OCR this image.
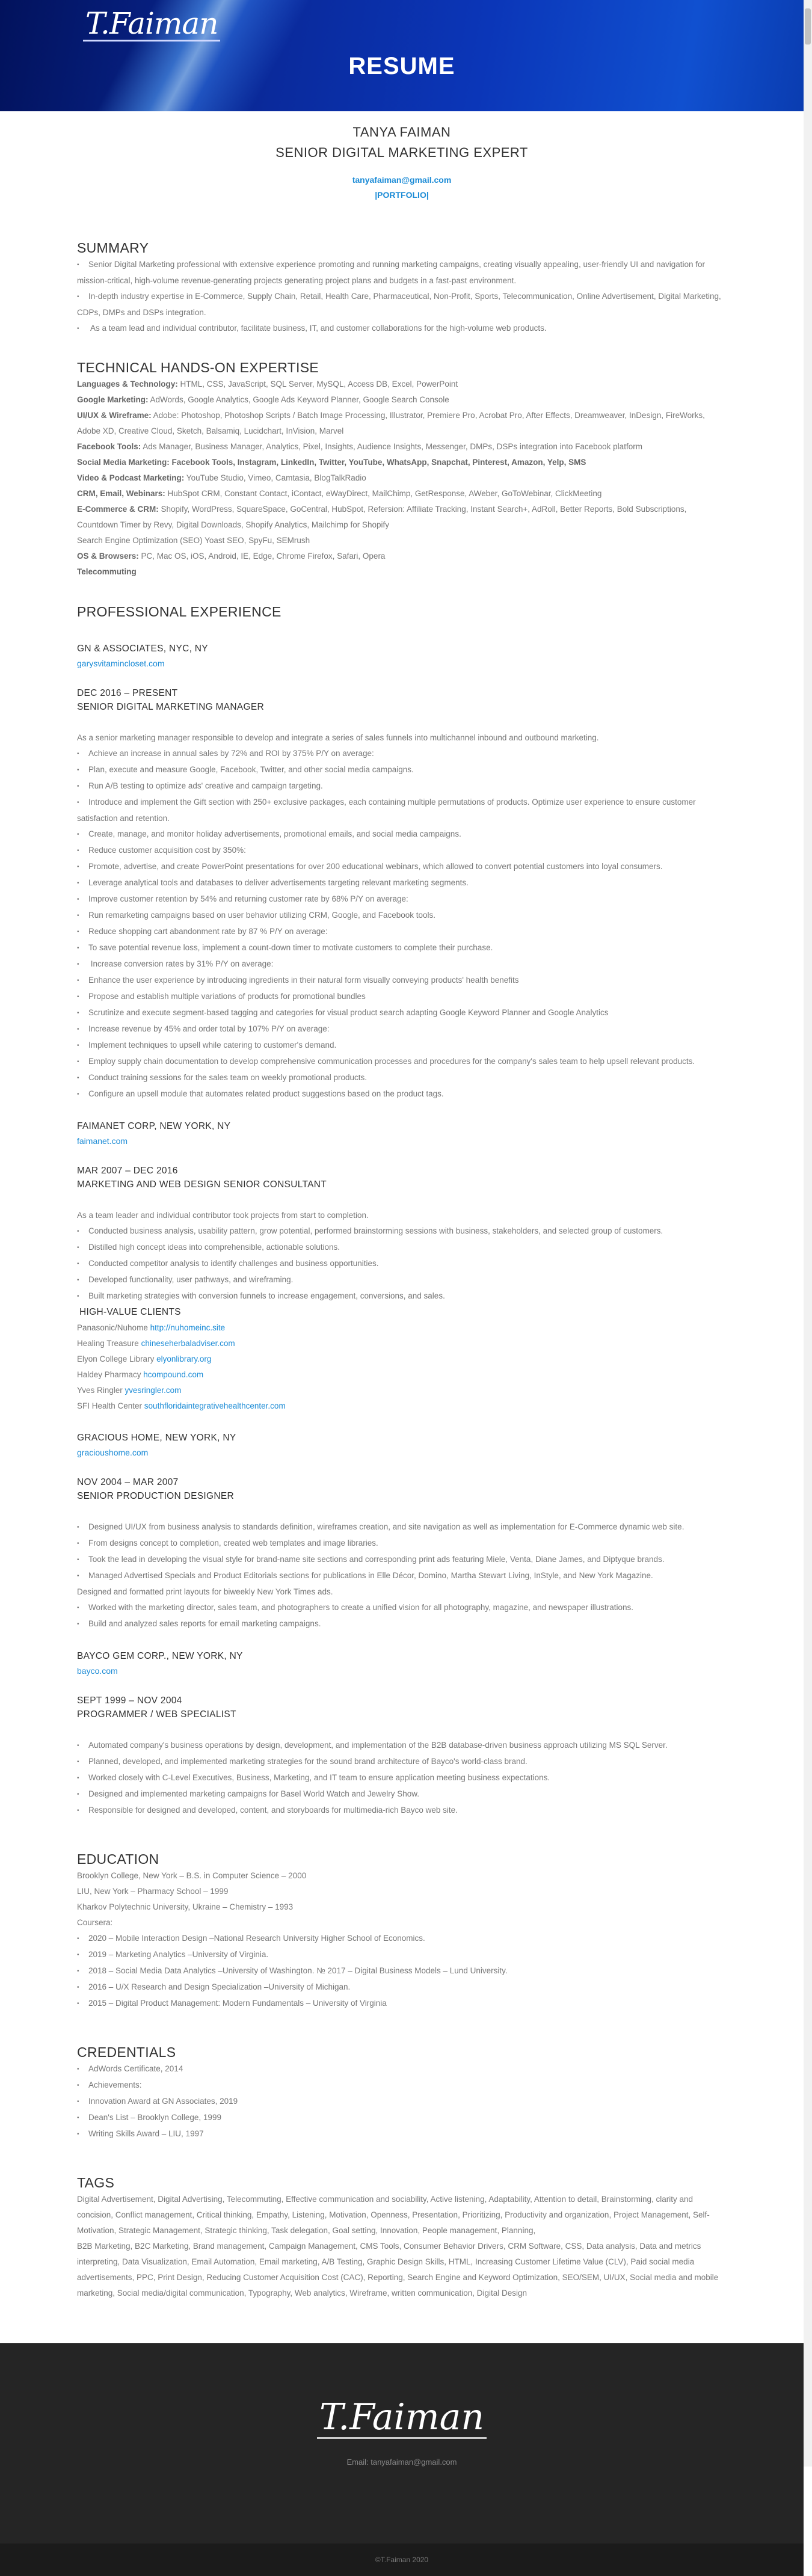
T.Faiman
RESUME
TANYA FAIMAN
SENIOR DIGITAL MARKETING EXPERT
tanyafaiman@gmail.com
|PORTFOLIO|
SUMMARY

• Senior Digital Marketing professional with extensive experience promoting and running marketing campaigns, creating visually appealing, user-friendly UI and navigation for mission-critical, high-volume revenue-generating projects generating project plans and budgets in a fast-past environment.

• In-depth industry expertise in E-Commerce, Supply Chain, Retail, Health Care, Pharmaceutical, Non-Profit, Sports, Telecommunication, Online Advertisement, Digital Marketing, CDPs, DMPs and DSPs integration.

• As a team lead and individual contributor, facilitate business, IT, and customer collaborations for the high-volume web products.

TECHNICAL HANDS-ON EXPERTISE

Languages & Technology: HTML, CSS, JavaScript, SQL Server, MySQL, Access DB, Excel, PowerPoint

Google Marketing: AdWords, Google Analytics, Google Ads Keyword Planner, Google Search Console

UI/UX & Wireframe: Adobe: Photoshop, Photoshop Scripts / Batch Image Processing, Illustrator, Premiere Pro, Acrobat Pro, After Effects, Dreamweaver, InDesign, FireWorks, Adobe XD, Creative Cloud, Sketch, Balsamiq, Lucidchart, InVision, Marvel

Facebook Tools: Ads Manager, Business Manager, Analytics, Pixel, Insights, Audience Insights, Messenger, DMPs, DSPs integration into Facebook platform

Social Media Marketing: Facebook Tools, Instagram, LinkedIn, Twitter, YouTube, WhatsApp, Snapchat, Pinterest, Amazon, Yelp, SMS

Video & Podcast Marketing: YouTube Studio, Vimeo, Camtasia, BlogTalkRadio

CRM, Email, Webinars: HubSpot CRM, Constant Contact, iContact, eWayDirect, MailChimp, GetResponse, AWeber, GoToWebinar, ClickMeeting

E-Commerce & CRM: Shopify, WordPress, SquareSpace, GoCentral, HubSpot, Refersion: Affiliate Tracking, Instant Search+, AdRoll, Better Reports, Bold Subscriptions, Countdown Timer by Revy, Digital Downloads, Shopify Analytics, Mailchimp for Shopify

Search Engine Optimization (SEO) Yoast SEO, SpyFu, SEMrush

OS & Browsers: PC, Mac OS, iOS, Android, IE, Edge, Chrome Firefox, Safari, Opera

Telecommuting

PROFESSIONAL EXPERIENCE
GN & ASSOCIATES, NYC, NY
garysvitamincloset.com
DEC 2016 – PRESENT
SENIOR DIGITAL MARKETING MANAGER

As a senior marketing manager responsible to develop and integrate a series of sales funnels into multichannel inbound and outbound marketing.

• Achieve an increase in annual sales by 72% and ROI by 375% P/Y on average:

• Plan, execute and measure Google, Facebook, Twitter, and other social media campaigns.

• Run A/B testing to optimize ads' creative and campaign targeting.

• Introduce and implement the Gift section with 250+ exclusive packages, each containing multiple permutations of products. Optimize user experience to ensure customer satisfaction and retention.

• Create, manage, and monitor holiday advertisements, promotional emails, and social media campaigns.

• Reduce customer acquisition cost by 350%:

• Promote, advertise, and create PowerPoint presentations for over 200 educational webinars, which allowed to convert potential customers into loyal consumers.

• Leverage analytical tools and databases to deliver advertisements targeting relevant marketing segments.

• Improve customer retention by 54% and returning customer rate by 68% P/Y on average:

• Run remarketing campaigns based on user behavior utilizing CRM, Google, and Facebook tools.

• Reduce shopping cart abandonment rate by 87 % P/Y on average:

• To save potential revenue loss, implement a count-down timer to motivate customers to complete their purchase.

• Increase conversion rates by 31% P/Y on average:

• Enhance the user experience by introducing ingredients in their natural form visually conveying products' health benefits

• Propose and establish multiple variations of products for promotional bundles

• Scrutinize and execute segment-based tagging and categories for visual product search adapting Google Keyword Planner and Google Analytics

• Increase revenue by 45% and order total by 107% P/Y on average:

• Implement techniques to upsell while catering to customer's demand.

• Employ supply chain documentation to develop comprehensive communication processes and procedures for the company's sales team to help upsell relevant products.

• Conduct training sessions for the sales team on weekly promotional products.

• Configure an upsell module that automates related product suggestions based on the product tags.

FAIMANET CORP, NEW YORK, NY
faimanet.com
MAR 2007 – DEC 2016
MARKETING AND WEB DESIGN SENIOR CONSULTANT

As a team leader and individual contributor took projects from start to completion.

• Conducted business analysis, usability pattern, grow potential, performed brainstorming sessions with business, stakeholders, and selected group of customers.

• Distilled high concept ideas into comprehensible, actionable solutions.

• Conducted competitor analysis to identify challenges and business opportunities.

• Developed functionality, user pathways, and wireframing.

• Built marketing strategies with conversion funnels to increase engagement, conversions, and sales.

HIGH-VALUE CLIENTS

Panasonic/Nuhome http://nuhomeinc.site

Healing Treasure chineseherbaladviser.com

Elyon College Library elyonlibrary.org

Haldey Pharmacy hcompound.com

Yves Ringler yvesringler.com

SFI Health Center southfloridaintegrativehealthcenter.com

GRACIOUS HOME, NEW YORK, NY
gracioushome.com
NOV 2004 – MAR 2007
SENIOR PRODUCTION DESIGNER

• Designed UI/UX from business analysis to standards definition, wireframes creation, and site navigation as well as implementation for E-Commerce dynamic web site.

• From designs concept to completion, created web templates and image libraries.

• Took the lead in developing the visual style for brand-name site sections and corresponding print ads featuring Miele, Venta, Diane James, and Diptyque brands.

• Managed Advertised Specials and Product Editorials sections for publications in Elle Décor, Domino, Martha Stewart Living, InStyle, and New York Magazine.

Designed and formatted print layouts for biweekly New York Times ads.

• Worked with the marketing director, sales team, and photographers to create a unified vision for all photography, magazine, and newspaper illustrations.

• Build and analyzed sales reports for email marketing campaigns.

BAYCO GEM CORP., NEW YORK, NY
bayco.com
SEPT 1999 – NOV 2004
PROGRAMMER / WEB SPECIALIST

• Automated company's business operations by design, development, and implementation of the B2B database-driven business approach utilizing MS SQL Server.

• Planned, developed, and implemented marketing strategies for the sound brand architecture of Bayco's world-class brand.

• Worked closely with C-Level Executives, Business, Marketing, and IT team to ensure application meeting business expectations.

• Designed and implemented marketing campaigns for Basel World Watch and Jewelry Show.

• Responsible for designed and developed, content, and storyboards for multimedia-rich Bayco web site.

EDUCATION

Brooklyn College, New York – B.S. in Computer Science – 2000

LIU, New York – Pharmacy School – 1999

Kharkov Polytechnic University, Ukraine – Chemistry – 1993

Coursera:

• 2020 – Mobile Interaction Design –National Research University Higher School of Economics.

• 2019 – Marketing Analytics –University of Virginia.

• 2018 – Social Media Data Analytics –University of Washington. № 2017 – Digital Business Models – Lund University.

• 2016 – U/X Research and Design Specialization –University of Michigan.

• 2015 – Digital Product Management: Modern Fundamentals – University of Virginia

CREDENTIALS

• AdWords Certificate, 2014

• Achievements:

• Innovation Award at GN Associates, 2019

• Dean's List – Brooklyn College, 1999

• Writing Skills Award – LIU, 1997

TAGS

Digital Advertisement, Digital Advertising, Telecommuting, Effective communication and sociability, Active listening, Adaptability, Attention to detail, Brainstorming, clarity and concision, Conflict management, Critical thinking, Empathy, Listening, Motivation, Openness, Presentation, Prioritizing, Productivity and organization, Project Management, Self-Motivation, Strategic Management, Strategic thinking, Task delegation, Goal setting, Innovation, People management, Planning,

B2B Marketing, B2C Marketing, Brand management, Campaign Management, CMS Tools, Consumer Behavior Drivers, CRM Software, CSS, Data analysis, Data and metrics interpreting, Data Visualization, Email Automation, Email marketing, A/B Testing, Graphic Design Skills, HTML, Increasing Customer Lifetime Value (CLV), Paid social media advertisements, PPC, Print Design, Reducing Customer Acquisition Cost (CAC), Reporting, Search Engine and Keyword Optimization, SEO/SEM, UI/UX, Social media and mobile marketing, Social media/digital communication, Typography, Web analytics, Wireframe, written communication, Digital Design

T.Faiman
Email: tanyafaiman@gmail.com
©T.Faiman 2020
